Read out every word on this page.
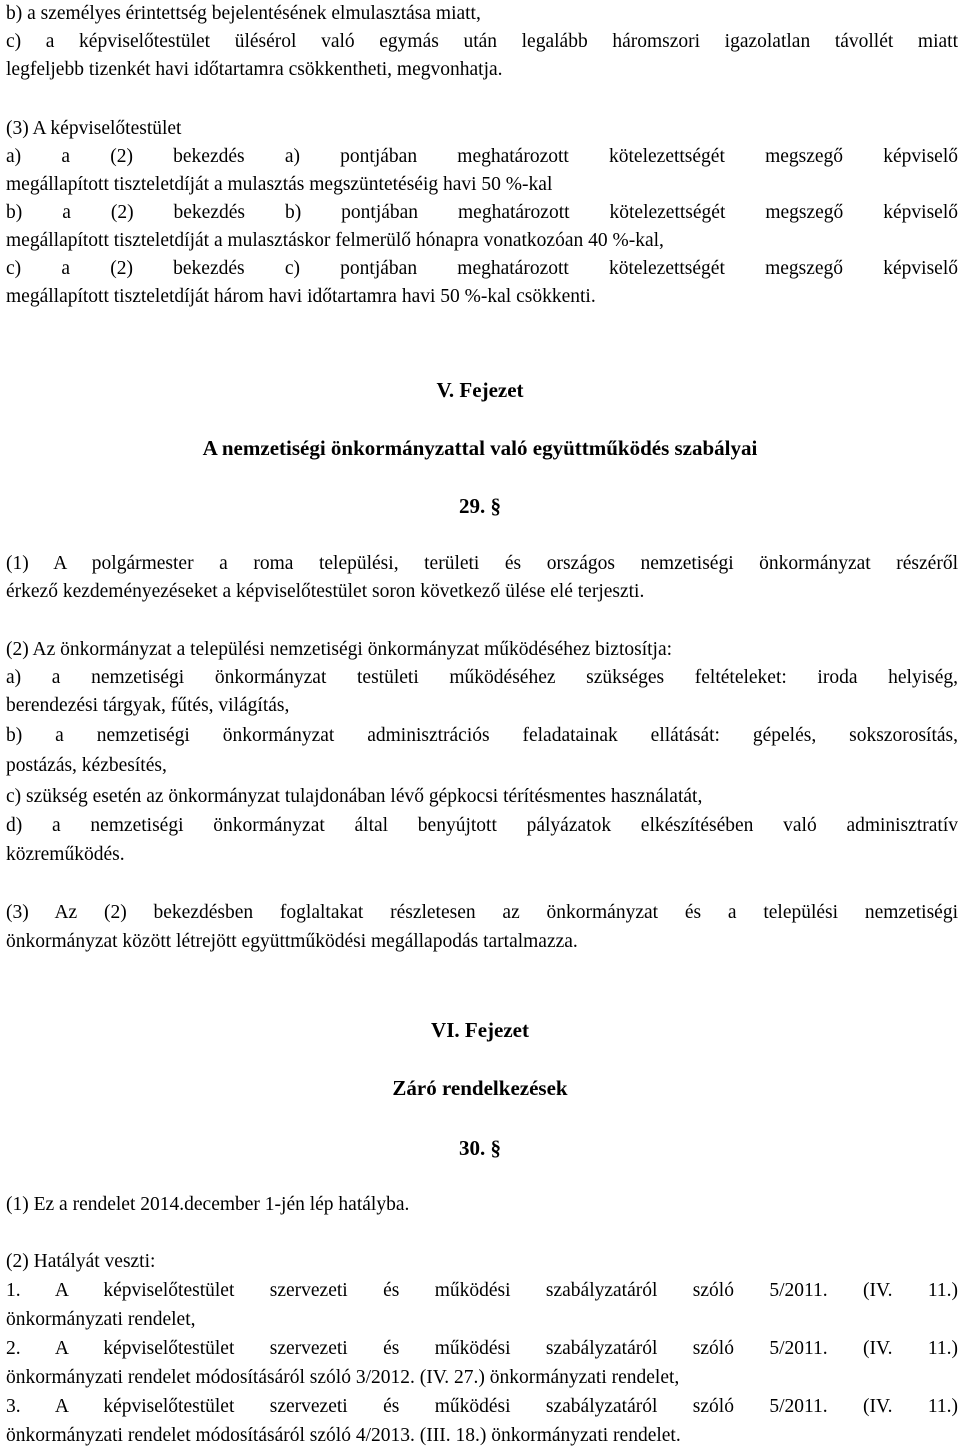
b) a személyes érintettség bejelentésének elmulasztása miatt,
c) a képviselőtestület ülésérol való egymás után legalább háromszori igazolatlan távollét miatt
legfeljebb tizenkét havi időtartamra csökkentheti, megvonhatja.
(3) A képviselőtestület
a) a (2) bekezdés a) pontjában meghatározott kötelezettségét megszegő képviselő
megállapított tiszteletdíját a mulasztás megszüntetéséig havi 50 %-kal
b) a (2) bekezdés b) pontjában meghatározott kötelezettségét megszegő képviselő
megállapított tiszteletdíját a mulasztáskor felmerülő hónapra vonatkozóan 40 %-kal,
c) a (2) bekezdés c) pontjában meghatározott kötelezettségét megszegő képviselő
megállapított tiszteletdíját három havi időtartamra havi 50 %-kal csökkenti.
V. Fejezet
A nemzetiségi önkormányzattal való együttműködés szabályai
29. §
(1) A polgármester a roma települési, területi és országos nemzetiségi önkormányzat részéről
érkező kezdeményezéseket a képviselőtestület soron következő ülése elé terjeszti.
(2) Az önkormányzat a települési nemzetiségi önkormányzat működéséhez biztosítja:
a) a nemzetiségi önkormányzat testületi működéséhez szükséges feltételeket: iroda helyiség,
berendezési tárgyak, fűtés, világítás,
b) a nemzetiségi önkormányzat adminisztrációs feladatainak ellátását: gépelés, sokszorosítás,
postázás, kézbesítés,
c) szükség esetén az önkormányzat tulajdonában lévő gépkocsi térítésmentes használatát,
d) a nemzetiségi önkormányzat által benyújtott pályázatok elkészítésében való adminisztratív
közreműködés.
(3) Az (2) bekezdésben foglaltakat részletesen az önkormányzat és a települési nemzetiségi
önkormányzat között létrejött együttműködési megállapodás tartalmazza.
VI. Fejezet
Záró rendelkezések
30. §
(1) Ez a rendelet 2014.december 1-jén lép hatályba.
(2) Hatályát veszti:
1. A képviselőtestület szervezeti és működési szabályzatáról szóló 5/2011. (IV. 11.)
önkormányzati rendelet,
2. A képviselőtestület szervezeti és működési szabályzatáról szóló 5/2011. (IV. 11.)
önkormányzati rendelet módosításáról szóló 3/2012. (IV. 27.) önkormányzati rendelet,
3. A képviselőtestület szervezeti és működési szabályzatáról szóló 5/2011. (IV. 11.)
önkormányzati rendelet módosításáról szóló 4/2013. (III. 18.) önkormányzati rendelet.
